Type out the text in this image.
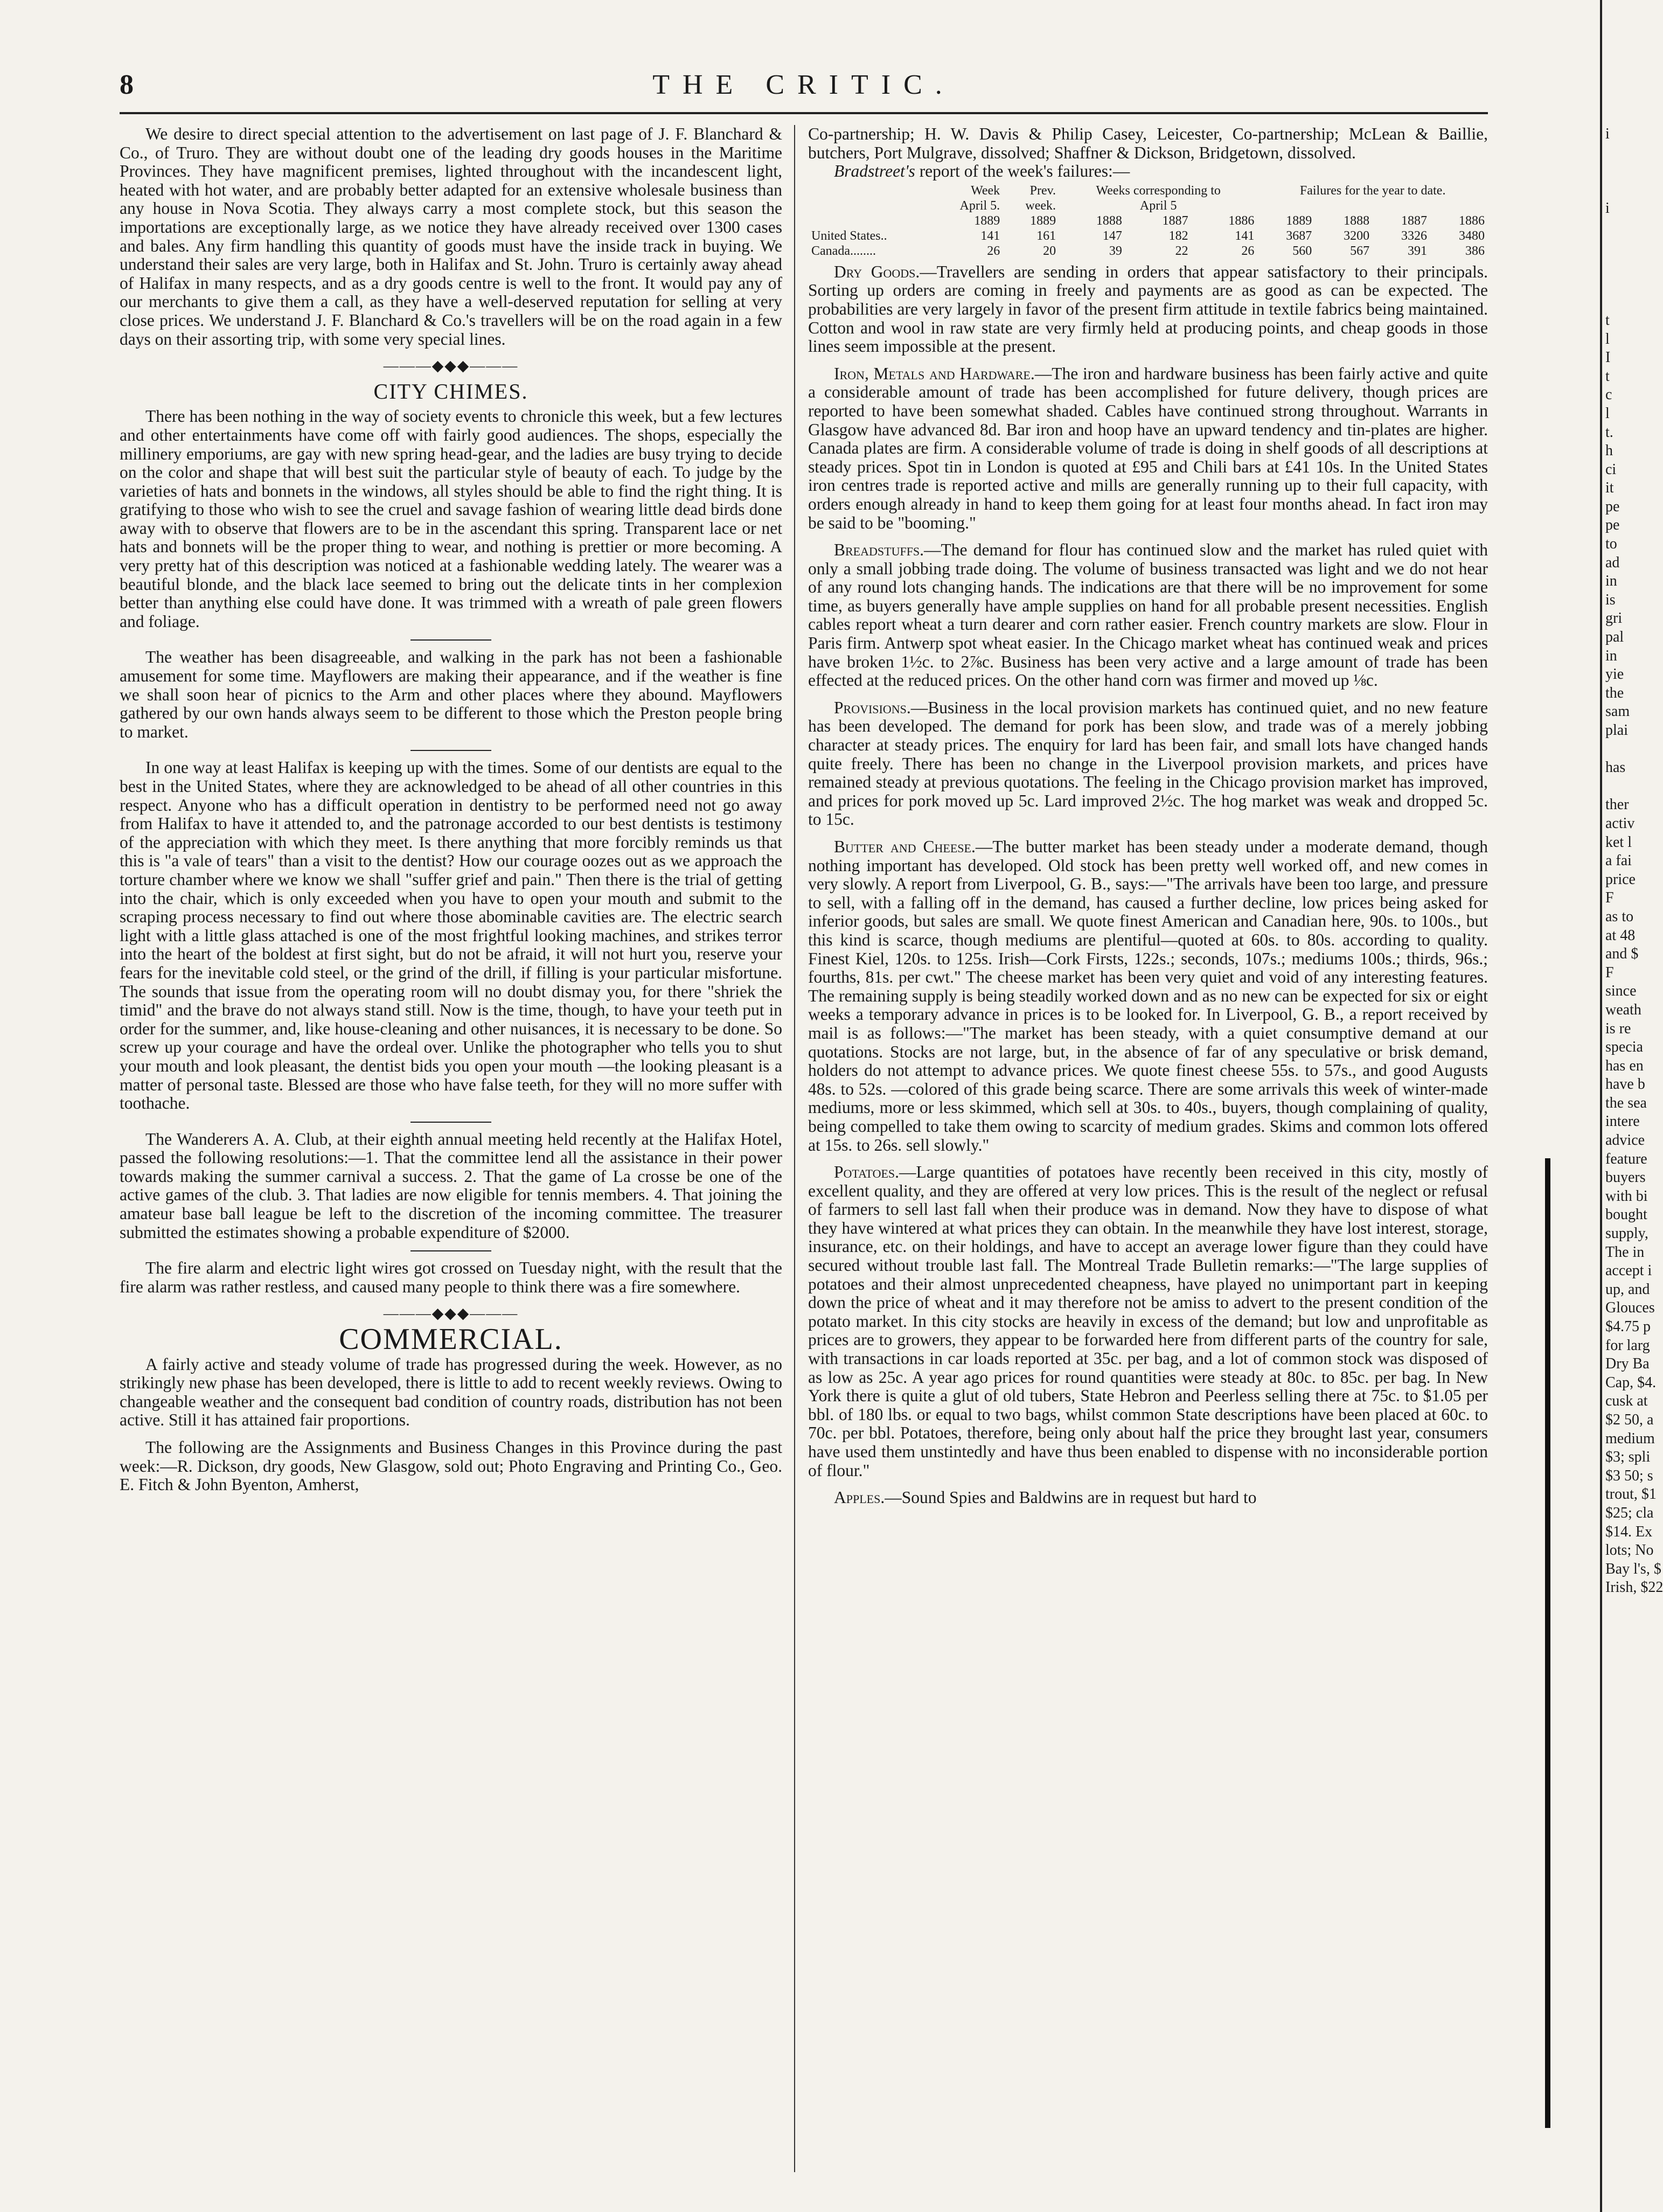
8	THE CRITIC.

We desire to direct special attention to the advertisement on last page of J. F. Blanchard & Co., of Truro. They are without doubt one of the leading dry goods houses in the Maritime Provinces. They have magnificent premises, lighted throughout with the incandescent light, heated with hot water, and are probably better adapted for an extensive wholesale business than any house in Nova Scotia. They always carry a most complete stock, but this season the importations are exceptionally large, as we notice they have already received over 1300 cases and bales. Any firm handling this quantity of goods must have the inside track in buying. We understand their sales are very large, both in Halifax and St. John. Truro is certainly away ahead of Halifax in many respects, and as a dry goods centre is well to the front. It would pay any of our merchants to give them a call, as they have a well-deserved reputation for selling at very close prices. We understand J. F. Blanchard & Co.'s travellers will be on the road again in a few days on their assorting trip, with some very special lines.

———◆◆◆———
CITY CHIMES.

There has been nothing in the way of society events to chronicle this week, but a few lectures and other entertainments have come off with fairly good audiences. The shops, especially the millinery emporiums, are gay with new spring head-gear, and the ladies are busy trying to decide on the color and shape that will best suit the particular style of beauty of each. To judge by the varieties of hats and bonnets in the windows, all styles should be able to find the right thing. It is gratifying to those who wish to see the cruel and savage fashion of wearing little dead birds done away with to observe that flowers are to be in the ascendant this spring. Transparent lace or net hats and bonnets will be the proper thing to wear, and nothing is prettier or more becoming. A very pretty hat of this description was noticed at a fashionable wedding lately. The wearer was a beautiful blonde, and the black lace seemed to bring out the delicate tints in her complexion better than anything else could have done. It was trimmed with a wreath of pale green flowers and foliage.

The weather has been disagreeable, and walking in the park has not been a fashionable amusement for some time. Mayflowers are making their appearance, and if the weather is fine we shall soon hear of picnics to the Arm and other places where they abound. Mayflowers gathered by our own hands always seem to be different to those which the Preston people bring to market.

In one way at least Halifax is keeping up with the times. Some of our dentists are equal to the best in the United States, where they are acknowledged to be ahead of all other countries in this respect. Anyone who has a difficult operation in dentistry to be performed need not go away from Halifax to have it attended to, and the patronage accorded to our best dentists is testimony of the appreciation with which they meet. Is there anything that more forcibly reminds us that this is "a vale of tears" than a visit to the dentist? How our courage oozes out as we approach the torture chamber where we know we shall "suffer grief and pain." Then there is the trial of getting into the chair, which is only exceeded when you have to open your mouth and submit to the scraping process necessary to find out where those abominable cavities are. The electric search light with a little glass attached is one of the most frightful looking machines, and strikes terror into the heart of the boldest at first sight, but do not be afraid, it will not hurt you, reserve your fears for the inevitable cold steel, or the grind of the drill, if filling is your particular misfortune. The sounds that issue from the operating room will no doubt dismay you, for there "shriek the timid" and the brave do not always stand still. Now is the time, though, to have your teeth put in order for the summer, and, like house-cleaning and other nuisances, it is necessary to be done. So screw up your courage and have the ordeal over. Unlike the photographer who tells you to shut your mouth and look pleasant, the dentist bids you open your mouth —the looking pleasant is a matter of personal taste. Blessed are those who have false teeth, for they will no more suffer with toothache.

The Wanderers A. A. Club, at their eighth annual meeting held recently at the Halifax Hotel, passed the following resolutions:—1. That the committee lend all the assistance in their power towards making the summer carnival a success. 2. That the game of La crosse be one of the active games of the club. 3. That ladies are now eligible for tennis members. 4. That joining the amateur base ball league be left to the discretion of the incoming committee. The treasurer submitted the estimates showing a probable expenditure of $2000.

The fire alarm and electric light wires got crossed on Tuesday night, with the result that the fire alarm was rather restless, and caused many people to think there was a fire somewhere.

———◆◆◆———
COMMERCIAL.

A fairly active and steady volume of trade has progressed during the week. However, as no strikingly new phase has been developed, there is little to add to recent weekly reviews. Owing to changeable weather and the consequent bad condition of country roads, distribution has not been active. Still it has attained fair proportions.

The following are the Assignments and Business Changes in this Province during the past week:—R. Dickson, dry goods, New Glasgow, sold out; Photo Engraving and Printing Co., Geo. E. Fitch & John Byenton, Amherst,

Co-partnership; H. W. Davis & Philip Casey, Leicester, Co-partnership; McLean & Baillie, butchers, Port Mulgrave, dissolved; Shaffner & Dickson, Bridgetown, dissolved.

Bradstreet's report of the week's failures:—

	Week	Prev.	Weeks corresponding to			Failures for the year to date.			
	April 5.	week.	April 5						
	1889	1889	1888	1887	1886	1889	1888	1887	1886
United States..	141	161	147	182	141	3687	3200	3326	3480
Canada........	26	20	39	22	26	560	567	391	386

Dry Goods.—Travellers are sending in orders that appear satisfactory to their principals. Sorting up orders are coming in freely and payments are as good as can be expected. The probabilities are very largely in favor of the present firm attitude in textile fabrics being maintained. Cotton and wool in raw state are very firmly held at producing points, and cheap goods in those lines seem impossible at the present.

Iron, Metals and Hardware.—The iron and hardware business has been fairly active and quite a considerable amount of trade has been accomplished for future delivery, though prices are reported to have been somewhat shaded. Cables have continued strong throughout. Warrants in Glasgow have advanced 8d. Bar iron and hoop have an upward tendency and tin-plates are higher. Canada plates are firm. A considerable volume of trade is doing in shelf goods of all descriptions at steady prices. Spot tin in London is quoted at £95 and Chili bars at £41 10s. In the United States iron centres trade is reported active and mills are generally running up to their full capacity, with orders enough already in hand to keep them going for at least four months ahead. In fact iron may be said to be "booming."

Breadstuffs.—The demand for flour has continued slow and the market has ruled quiet with only a small jobbing trade doing. The volume of business transacted was light and we do not hear of any round lots changing hands. The indications are that there will be no improvement for some time, as buyers generally have ample supplies on hand for all probable present necessities. English cables report wheat a turn dearer and corn rather easier. French country markets are slow. Flour in Paris firm. Antwerp spot wheat easier. In the Chicago market wheat has continued weak and prices have broken 1½c. to 2⅞c. Business has been very active and a large amount of trade has been effected at the reduced prices. On the other hand corn was firmer and moved up ⅛c.

Provisions.—Business in the local provision markets has continued quiet, and no new feature has been developed. The demand for pork has been slow, and trade was of a merely jobbing character at steady prices. The enquiry for lard has been fair, and small lots have changed hands quite freely. There has been no change in the Liverpool provision markets, and prices have remained steady at previous quotations. The feeling in the Chicago provision market has improved, and prices for pork moved up 5c. Lard improved 2½c. The hog market was weak and dropped 5c. to 15c.

Butter and Cheese.—The butter market has been steady under a moderate demand, though nothing important has developed. Old stock has been pretty well worked off, and new comes in very slowly. A report from Liverpool, G. B., says:—"The arrivals have been too large, and pressure to sell, with a falling off in the demand, has caused a further decline, low prices being asked for inferior goods, but sales are small. We quote finest American and Canadian here, 90s. to 100s., but this kind is scarce, though mediums are plentiful—quoted at 60s. to 80s. according to quality. Finest Kiel, 120s. to 125s. Irish—Cork Firsts, 122s.; seconds, 107s.; mediums 100s.; thirds, 96s.; fourths, 81s. per cwt." The cheese market has been very quiet and void of any interesting features. The remaining supply is being steadily worked down and as no new can be expected for six or eight weeks a temporary advance in prices is to be looked for. In Liverpool, G. B., a report received by mail is as follows:—"The market has been steady, with a quiet consumptive demand at our quotations. Stocks are not large, but, in the absence of far of any speculative or brisk demand, holders do not attempt to advance prices. We quote finest cheese 55s. to 57s., and good Augusts 48s. to 52s. —colored of this grade being scarce. There are some arrivals this week of winter-made mediums, more or less skimmed, which sell at 30s. to 40s., buyers, though complaining of quality, being compelled to take them owing to scarcity of medium grades. Skims and common lots offered at 15s. to 26s. sell slowly."

Potatoes.—Large quantities of potatoes have recently been received in this city, mostly of excellent quality, and they are offered at very low prices. This is the result of the neglect or refusal of farmers to sell last fall when their produce was in demand. Now they have to dispose of what they have wintered at what prices they can obtain. In the meanwhile they have lost interest, storage, insurance, etc. on their holdings, and have to accept an average lower figure than they could have secured without trouble last fall. The Montreal Trade Bulletin remarks:—"The large supplies of potatoes and their almost unprecedented cheapness, have played no unimportant part in keeping down the price of wheat and it may therefore not be amiss to advert to the present condition of the potato market. In this city stocks are heavily in excess of the demand; but low and unprofitable as prices are to growers, they appear to be forwarded here from different parts of the country for sale, with transactions in car loads reported at 35c. per bag, and a lot of common stock was disposed of as low as 25c. A year ago prices for round quantities were steady at 80c. to 85c. per bag. In New York there is quite a glut of old tubers, State Hebron and Peerless selling there at 75c. to $1.05 per bbl. of 180 lbs. or equal to two bags, whilst common State descriptions have been placed at 60c. to 70c. per bbl. Potatoes, therefore, being only about half the price they brought last year, consumers have used them unstintedly and have thus been enabled to dispense with no inconsiderable portion of flour."

Apples.—Sound Spies and Baldwins are in request but hard to

i
i
t
l
I
t
c
l
t.
h
ci
it
pe
pe
to
ad
in
is
gri
pal
in
yie
the
sam
plai
has
ther
activ
ket l
a fai
price
F
as to
at 48
and $
F
since
weath
is re
specia
has en
have b
the sea
intere
advice
feature
buyers
with bi
bought
supply,
The in
accept i
up, and
Glouces
$4.75 p
for larg
Dry Ba
Cap, $4.
cusk at
$2 50, a
medium
$3; spli
$3 50; s
trout, $1
$25; cla
$14. Ex
lots; No
Bay l's, $
Irish, $22
